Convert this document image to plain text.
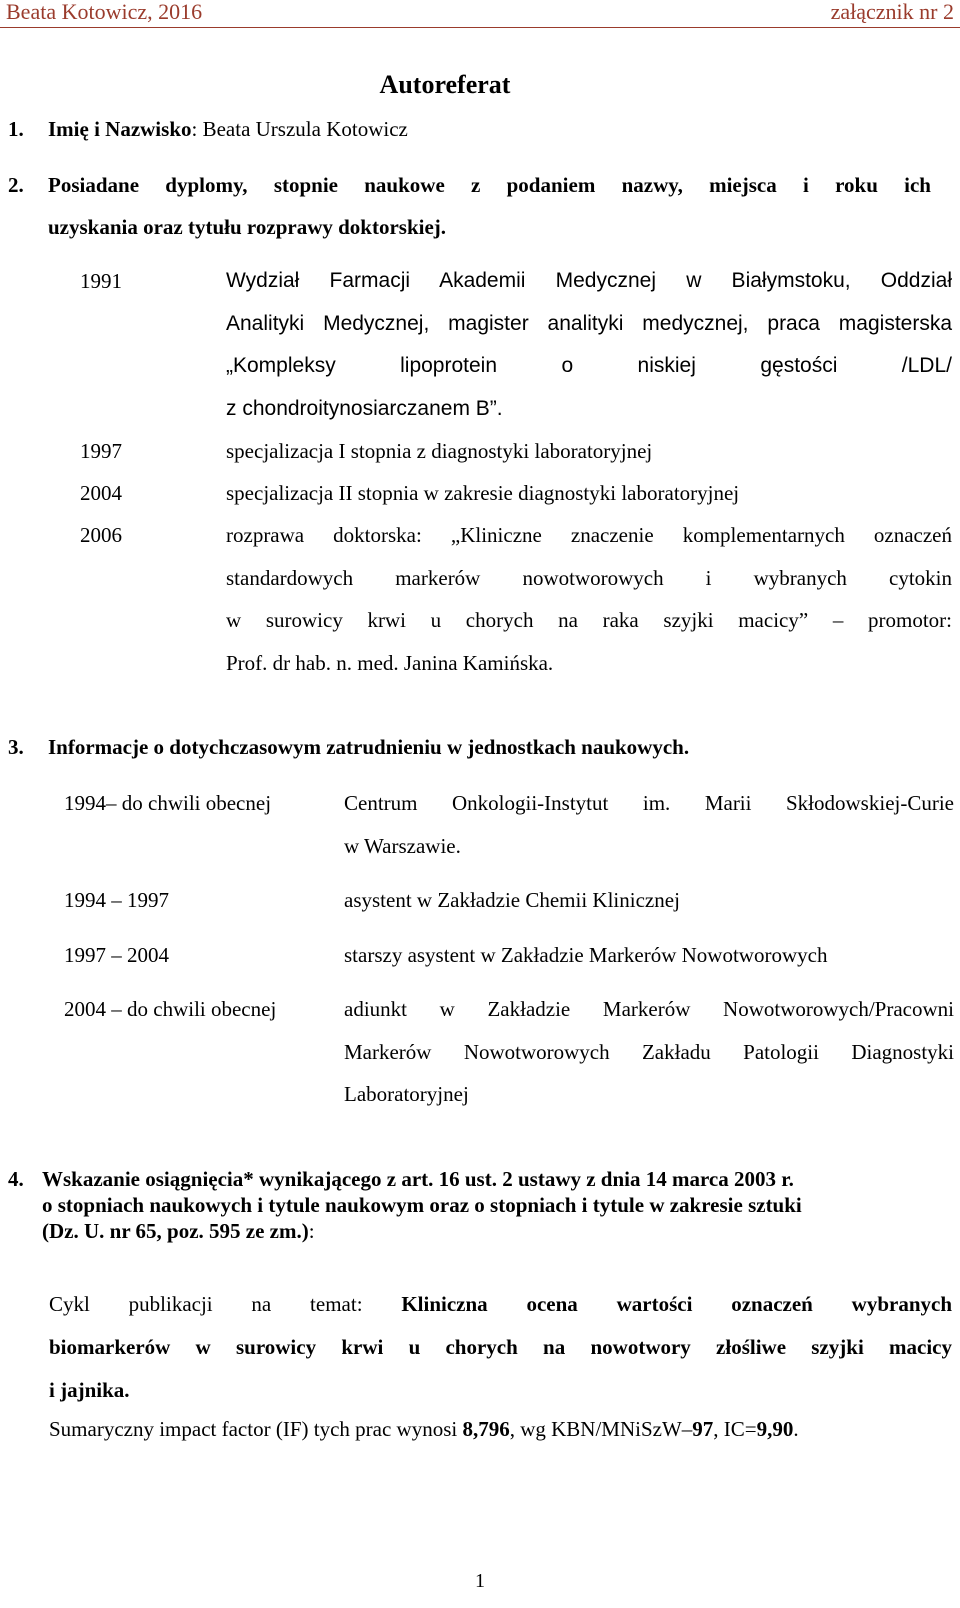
Beata Kotowicz, 2016	załącznik nr 2
Autoreferat
1. Imię i Nazwisko: Beata Urszula Kotowicz
2.	Posiadane dyplomy, stopnie naukowe z podaniem nazwy, miejsca i roku ich
uzyskania oraz tytułu rozprawy doktorskiej.
1991	Wydział Farmacji Akademii Medycznej w Białymstoku, Oddział
Analityki Medycznej, magister analityki medycznej, praca magisterska
„Kompleksy lipoprotein o niskiej gęstości /LDL/
z chondroitynosiarczanem B”.
1997	specjalizacja I stopnia z diagnostyki laboratoryjnej
2004	specjalizacja II stopnia w zakresie diagnostyki laboratoryjnej
2006	rozprawa doktorska: „Kliniczne znaczenie komplementarnych oznaczeń
standardowych markerów nowotworowych i wybranych cytokin
w surowicy krwi u chorych na raka szyjki macicy” – promotor:
Prof. dr hab. n. med. Janina Kamińska.
3. Informacje o dotychczasowym zatrudnieniu w jednostkach naukowych.
1994– do chwili obecnej	Centrum Onkologii-Instytut im. Marii Skłodowskiej-Curie
w Warszawie.
1994 – 1997	asystent w Zakładzie Chemii Klinicznej
1997 – 2004	starszy asystent w Zakładzie Markerów Nowotworowych
2004 – do chwili obecnej	adiunkt w Zakładzie Markerów Nowotworowych/Pracowni
Markerów Nowotworowych Zakładu Patologii Diagnostyki
Laboratoryjnej
4. Wskazanie osiągnięcia* wynikającego z art. 16 ust. 2 ustawy z dnia 14 marca 2003 r.
o stopniach naukowych i tytule naukowym oraz o stopniach i tytule w zakresie sztuki
(Dz. U. nr 65, poz. 595 ze zm.):
Cykl publikacji na temat: Kliniczna ocena wartości oznaczeń wybranych
biomarkerów w surowicy krwi u chorych na nowotwory złośliwe szyjki macicy
i jajnika.
Sumaryczny impact factor (IF) tych prac wynosi 8,796, wg KBN/MNiSzW–97, IC=9,90.
1
